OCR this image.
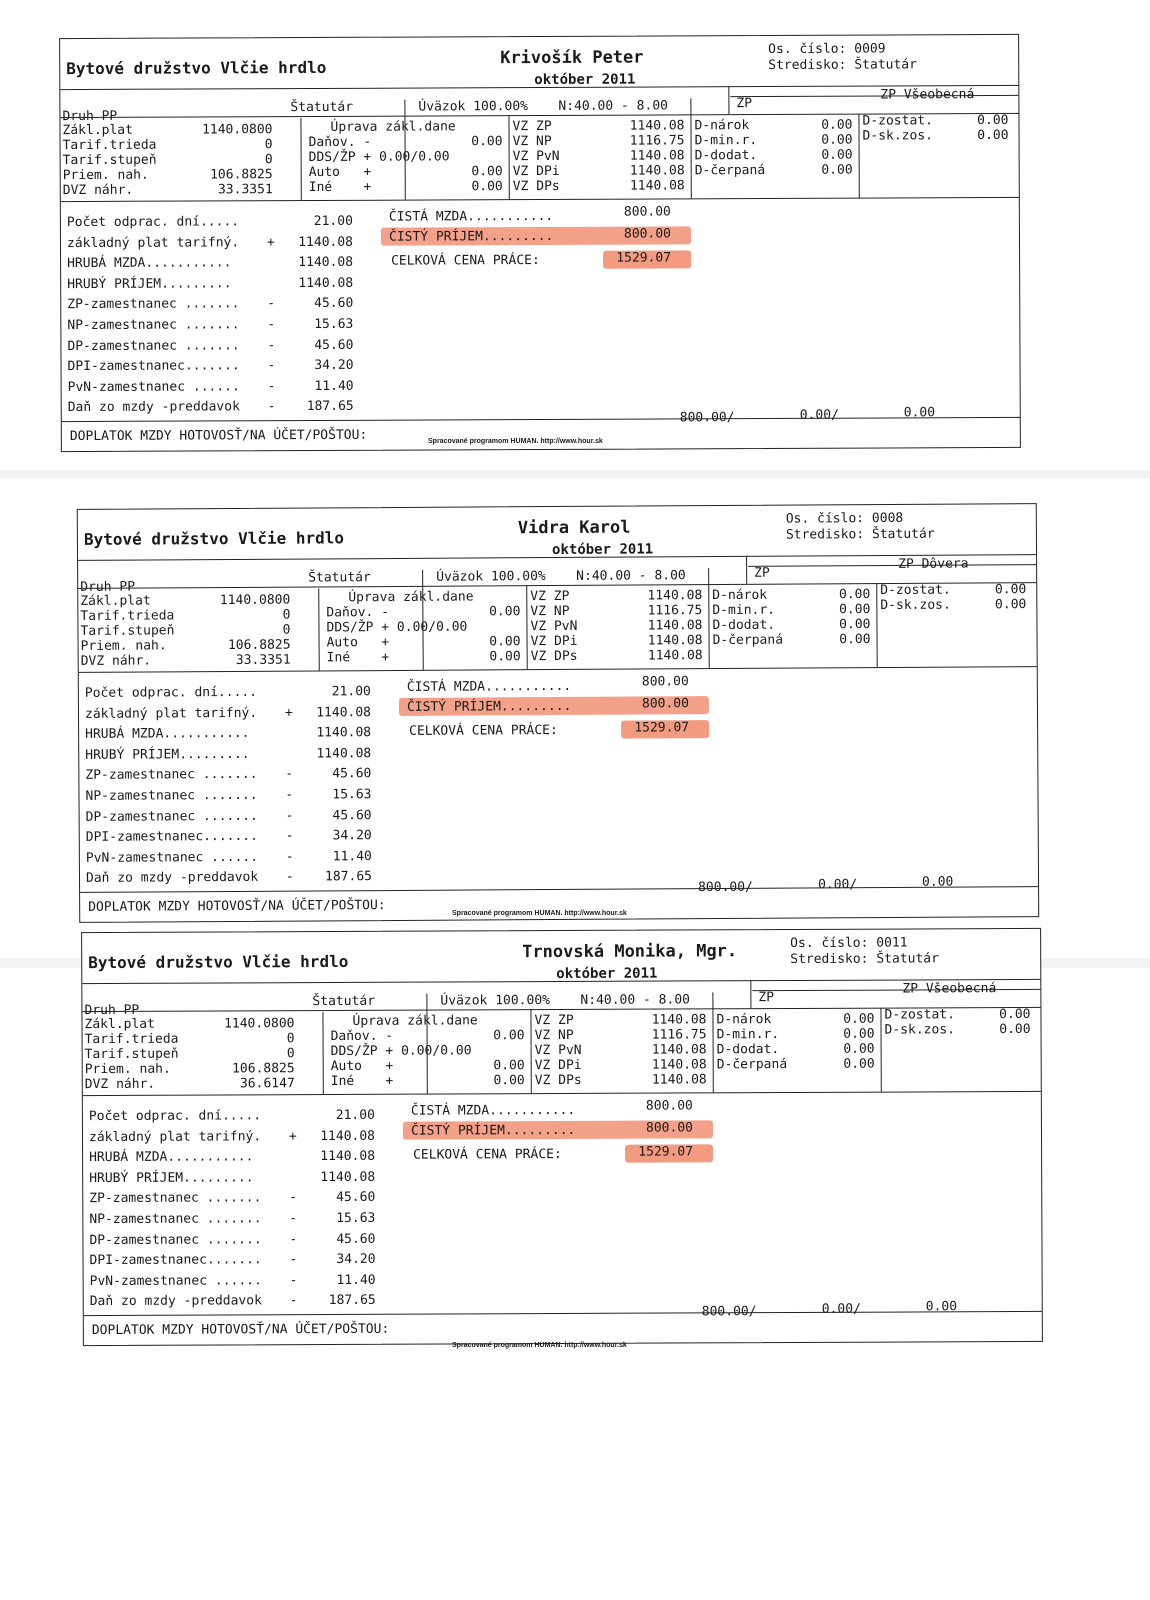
Bytové družstvo Vlčie hrdlo	Krivošík Peter
október 2011
Os. číslo: 0009
Stredisko: Štatutár
Druh PP
Štatutár	Úväzok 100.00% N:40.00 - 8.00	ZP
ZP Všeobecná
Zákl.plat	1140.0800
Tarif.trieda	0
Tarif.stupeň	0
Priem. nah.	106.8825
DVZ náhr.	33.3351
Úprava zákl.dane
Daňov. -	0.00
DDS/ŽP + 0.00/0.00
Auto   +	0.00
Iné    +	0.00
VZ ZP	1140.08
VZ NP	1116.75
VZ PvN	1140.08
VZ DPi	1140.08
VZ DPs	1140.08
D-nárok	0.00
D-min.r.	0.00
D-dodat.	0.00
D-čerpaná	0.00
D-zostat.	0.00
D-sk.zos.	0.00
Počet odprac. dní.....	21.00
základný plat tarifný. +	1140.08
HRUBÁ MZDA...........	1140.08
HRUBÝ PRÍJEM.........	1140.08
ZP-zamestnanec ....... -	45.60
NP-zamestnanec ....... -	15.63
DP-zamestnanec ....... -	45.60
DPI-zamestnanec....... -	34.20
PvN-zamestnanec ...... -	11.40
Daň zo mzdy -preddavok -	187.65
ČISTÁ MZDA...........	800.00
ČISTÝ PRÍJEM.........	800.00
CELKOVÁ CENA PRÁCE:	1529.07
DOPLATOK MZDY HOTOVOSŤ/NA ÚČET/POŠTOU:
800.00/	0.00/	0.00
Spracované programom HUMAN. http://www.hour.sk
Bytové družstvo Vlčie hrdlo
Vidra Karol
október 2011
Os. číslo: 0008
Stredisko: Štatutár
Druh PP
Štatutár	Úväzok 100.00% N:40.00 - 8.00	ZP
ZP Dôvera
Zákl.plat	1140.0800
Tarif.trieda	0
Tarif.stupeň	0
Priem. nah.	106.8825
DVZ náhr.	33.3351
Úprava zákl.dane
Daňov. -	0.00
DDS/ŽP + 0.00/0.00
Auto   +	0.00
Iné    +	0.00
VZ ZP	1140.08
VZ NP	1116.75
VZ PvN	1140.08
VZ DPi	1140.08
VZ DPs	1140.08
D-nárok	0.00
D-min.r.	0.00
D-dodat.	0.00
D-čerpaná	0.00
D-zostat.	0.00
D-sk.zos.	0.00
Počet odprac. dní.....	21.00
základný plat tarifný. +	1140.08
HRUBÁ MZDA...........	1140.08
HRUBÝ PRÍJEM.........	1140.08
ZP-zamestnanec ....... -	45.60
NP-zamestnanec ....... -	15.63
DP-zamestnanec ....... -	45.60
DPI-zamestnanec....... -	34.20
PvN-zamestnanec ...... -	11.40
Daň zo mzdy -preddavok -	187.65
ČISTÁ MZDA...........	800.00
ČISTÝ PRÍJEM.........	800.00
CELKOVÁ CENA PRÁCE:	1529.07
DOPLATOK MZDY HOTOVOSŤ/NA ÚČET/POŠTOU:
800.00/	0.00/	0.00
Spracované programom HUMAN. http://www.hour.sk
Bytové družstvo Vlčie hrdlo	Trnovská Monika, Mgr.
október 2011
Os. číslo: 0011
Stredisko: Štatutár
Druh PP
Štatutár	Úväzok 100.00% N:40.00 - 8.00	ZP
ZP Všeobecná
Zákl.plat	1140.0800
Tarif.trieda	0
Tarif.stupeň	0
Priem. nah.	106.8825
DVZ náhr.	36.6147
Úprava zákl.dane
Daňov. -	0.00
DDS/ŽP + 0.00/0.00
Auto   +	0.00
Iné    +	0.00
VZ ZP	1140.08
VZ NP	1116.75
VZ PvN	1140.08
VZ DPi	1140.08
VZ DPs	1140.08
D-nárok	0.00
D-min.r.	0.00
D-dodat.	0.00
D-čerpaná	0.00
D-zostat.	0.00
D-sk.zos.	0.00
Počet odprac. dní.....	21.00
základný plat tarifný. +	1140.08
HRUBÁ MZDA...........	1140.08
HRUBÝ PRÍJEM.........	1140.08
ZP-zamestnanec ....... -	45.60
NP-zamestnanec ....... -	15.63
DP-zamestnanec ....... -	45.60
DPI-zamestnanec....... -	34.20
PvN-zamestnanec ...... -	11.40
Daň zo mzdy -preddavok -	187.65
ČISTÁ MZDA...........	800.00
ČISTÝ PRÍJEM.........	800.00
CELKOVÁ CENA PRÁCE:	1529.07
DOPLATOK MZDY HOTOVOSŤ/NA ÚČET/POŠTOU:
800.00/	0.00/	0.00
Spracované programom HUMAN. http://www.hour.sk
